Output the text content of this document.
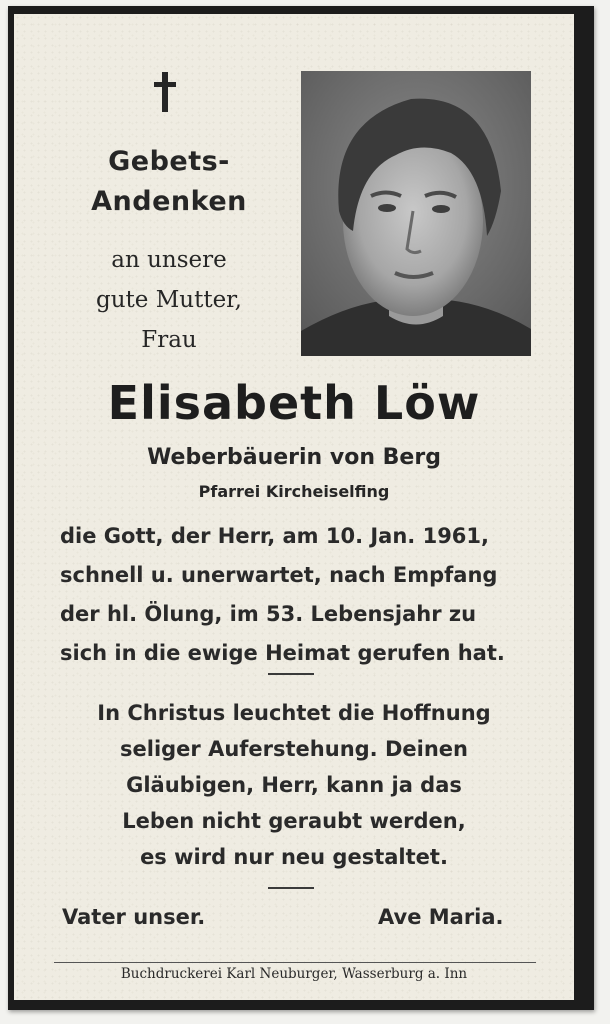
Gebets-
Andenken
an unsere
gute Mutter,
Frau
Elisabeth Löw
Weberbäuerin von Berg
Pfarrei Kircheiselfing
die Gott, der Herr, am 10. Jan. 1961,
schnell u. unerwartet, nach Empfang
der hl. Ölung, im 53. Lebensjahr zu
sich in die ewige Heimat gerufen hat.
In Christus leuchtet die Hoffnung
seliger Auferstehung. Deinen
Gläubigen, Herr, kann ja das
Leben nicht geraubt werden,
es wird nur neu gestaltet.
Vater unser.	Ave Maria.
Buchdruckerei Karl Neuburger, Wasserburg a. Inn
